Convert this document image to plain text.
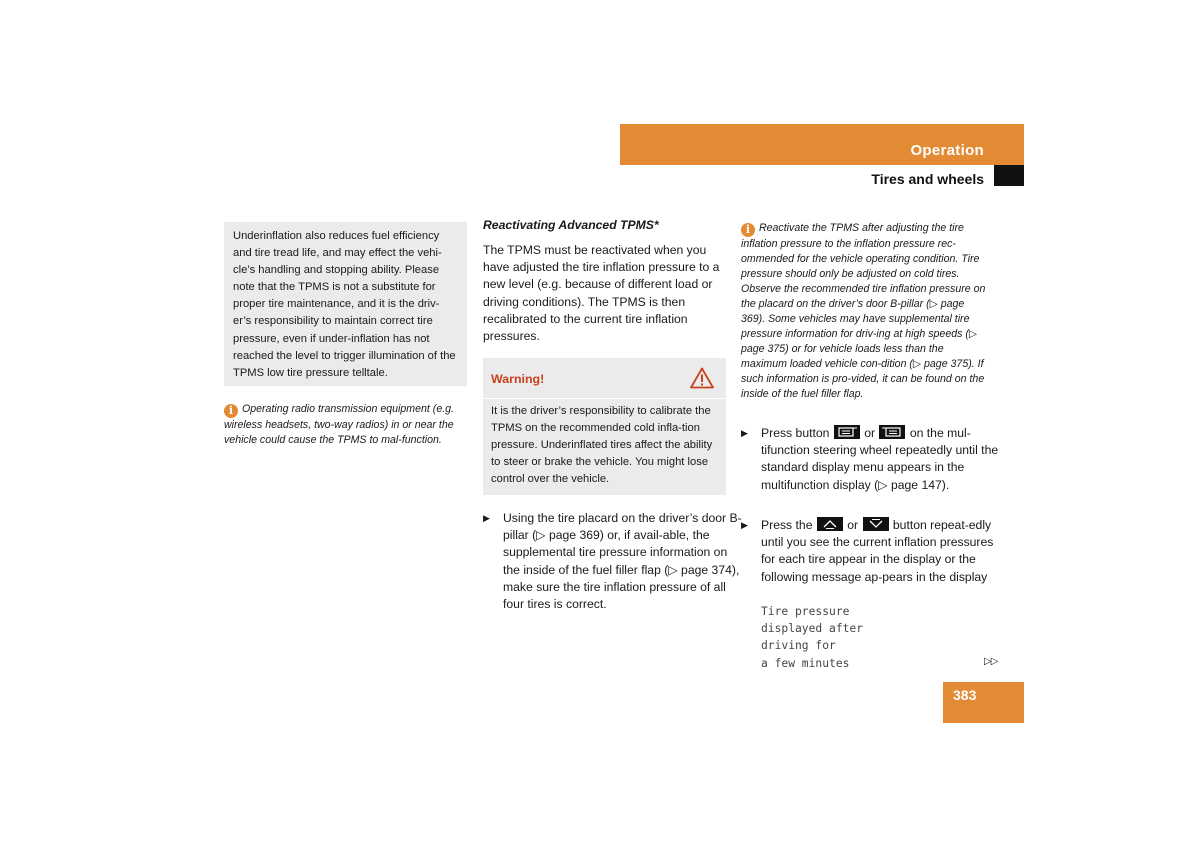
Operation
Tires and wheels
Underinflation also reduces fuel efficiency and tire tread life, and may effect the vehi-cle’s handling and stopping ability. Please note that the TPMS is not a substitute for proper tire maintenance, and it is the driv-er’s responsibility to maintain correct tire pressure, even if under-inflation has not reached the level to trigger illumination of the TPMS low tire pressure telltale.
i Operating radio transmission equipment (e.g. wireless headsets, two-way radios) in or near the vehicle could cause the TPMS to mal-function.
Reactivating Advanced TPMS*
The TPMS must be reactivated when you have adjusted the tire inflation pressure to a new level (e.g. because of different load or driving conditions). The TPMS is then recalibrated to the current tire inflation pressures.
Warning!
It is the driver’s responsibility to calibrate the TPMS on the recommended cold infla-tion pressure. Underinflated tires affect the ability to steer or brake the vehicle. You might lose control over the vehicle.
▶ Using the tire placard on the driver’s door B-pillar (▷ page 369) or, if avail-able, the supplemental tire pressure information on the inside of the fuel filler flap (▷ page 374), make sure the tire inflation pressure of all four tires is correct.
i Reactivate the TPMS after adjusting the tire inflation pressure to the inflation pressure rec-ommended for the vehicle operating condition. Tire pressure should only be adjusted on cold tires. Observe the recommended tire inflation pressure on the placard on the driver’s door B-pillar (▷ page 369). Some vehicles may have supplemental tire pressure information for driv-ing at high speeds (▷ page 375) or for vehicle loads less than the maximum loaded vehicle con-dition (▷ page 375). If such information is pro-vided, it can be found on the inside of the fuel filler flap.
▶ Press button	or	on the mul-tifunction steering wheel repeatedly until the standard display menu appears in the multifunction display (▷ page 147).
▶ Press the	or	button repeat-edly until you see the current inflation pressures for each tire appear in the display or the following message ap-pears in the display
Tire pressure
displayed after
driving for
a few minutes	▷▷
383
